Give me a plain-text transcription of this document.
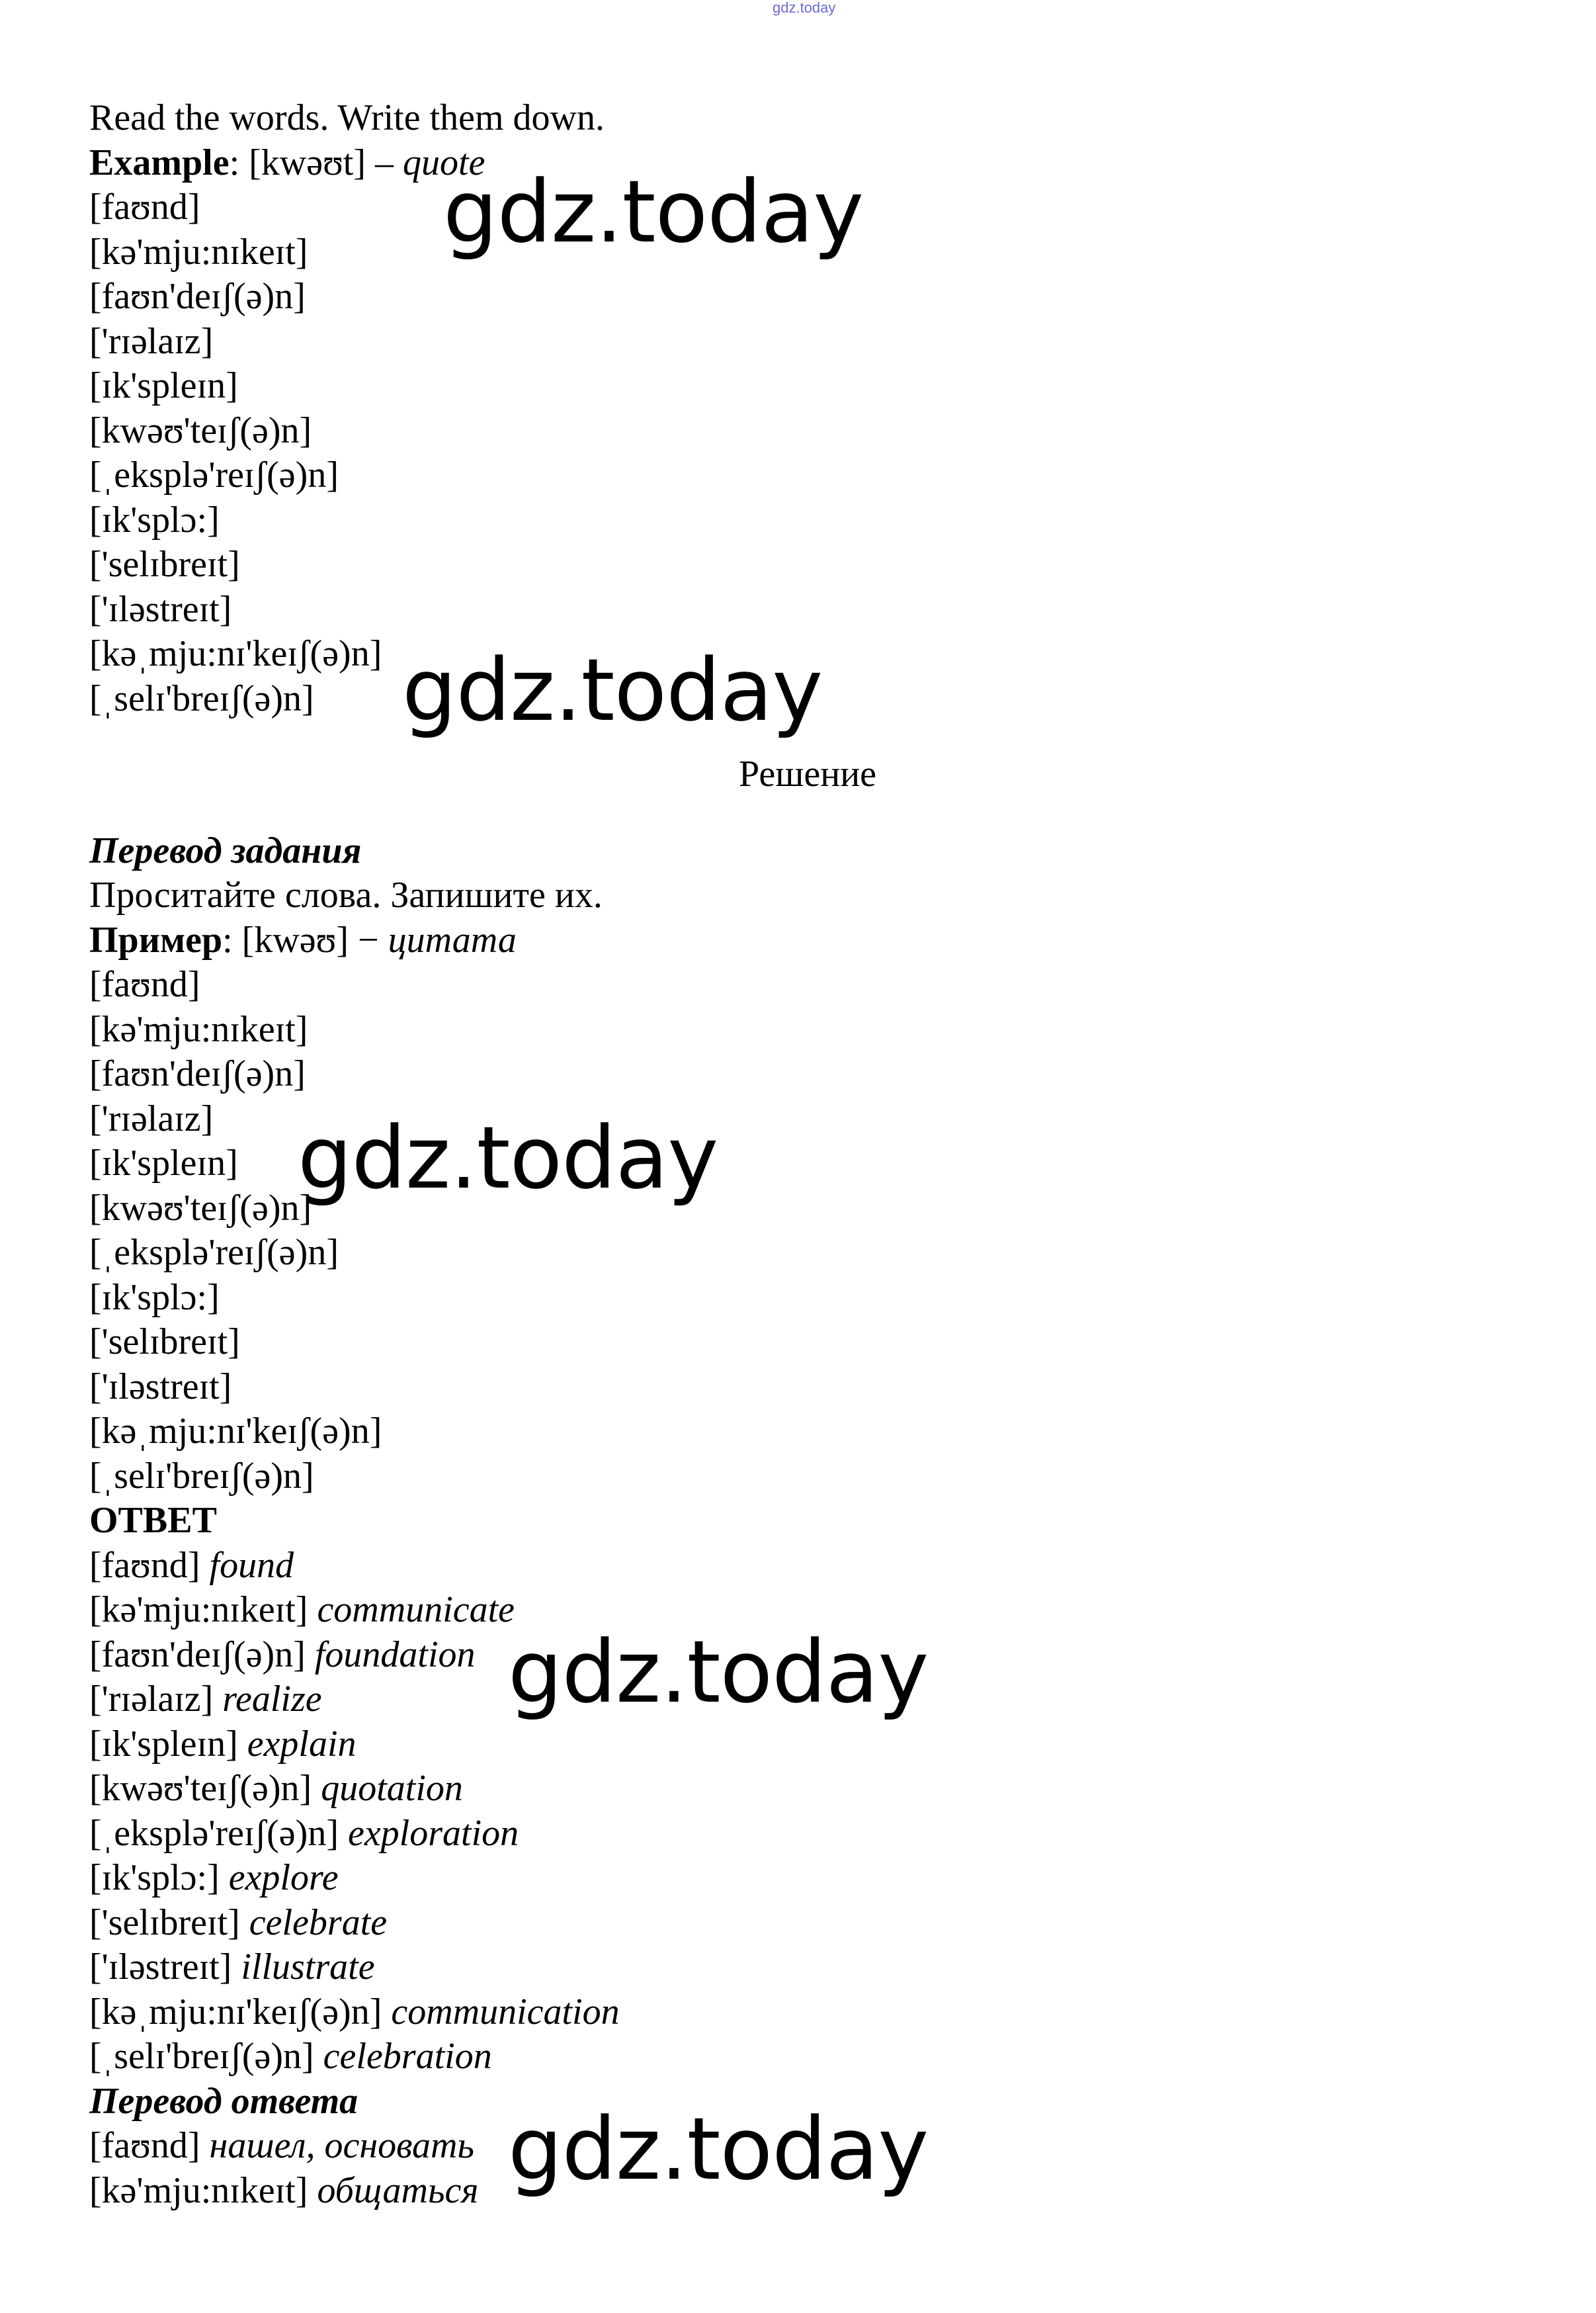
gdz.today
Read the words. Write them down.
Example: [kwəʊt] – quote
[faʊnd]
[kə'mju:nɪkeɪt]
[faʊn'deɪʃ(ə)n]
['rɪəlaɪz]
[ɪk'spleɪn]
[kwəʊ'teɪʃ(ə)n]
[ˌeksplə'reɪʃ(ə)n]
[ɪk'splɔ:]
['selɪbreɪt]
['ɪləstreɪt]
[kəˌmju:nɪ'keɪʃ(ə)n]
[ˌselɪ'breɪʃ(ə)n]
Решение
Перевод задания
Проситайте слова. Запишите их.
Пример: [kwəʊ] − цитата
[faʊnd]
[kə'mju:nɪkeɪt]
[faʊn'deɪʃ(ə)n]
['rɪəlaɪz]
[ɪk'spleɪn]
[kwəʊ'teɪʃ(ə)n]
[ˌeksplə'reɪʃ(ə)n]
[ɪk'splɔ:]
['selɪbreɪt]
['ɪləstreɪt]
[kəˌmju:nɪ'keɪʃ(ə)n]
[ˌselɪ'breɪʃ(ə)n]
ОТВЕТ
[faʊnd] found
[kə'mju:nɪkeɪt] communicate
[faʊn'deɪʃ(ə)n] foundation
['rɪəlaɪz] realize
[ɪk'spleɪn] explain
[kwəʊ'teɪʃ(ə)n] quotation
[ˌeksplə'reɪʃ(ə)n] exploration
[ɪk'splɔ:] explore
['selɪbreɪt] celebrate
['ɪləstreɪt] illustrate
[kəˌmju:nɪ'keɪʃ(ə)n] communication
[ˌselɪ'breɪʃ(ə)n] celebration
Перевод ответа
[faʊnd] нашел, основать
[kə'mju:nɪkeɪt] общаться
gdz.today
gdz.today
gdz.today
gdz.today
gdz.today
